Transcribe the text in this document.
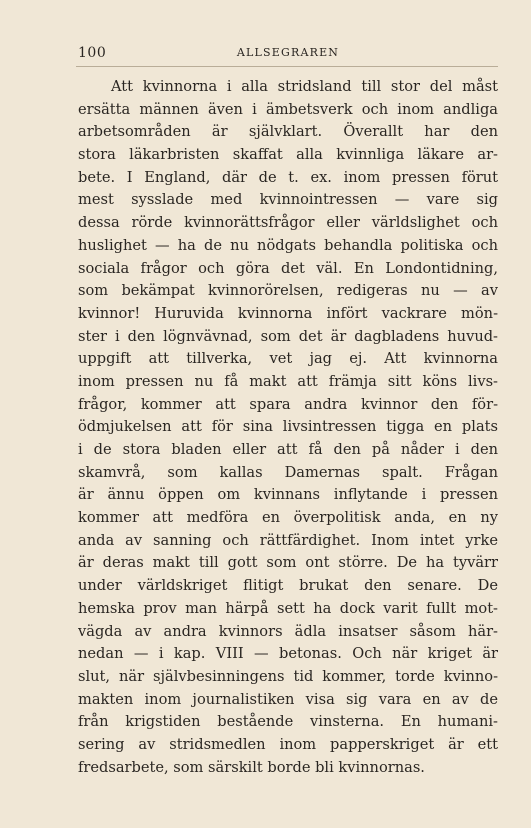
100	ALLSEGRAREN
Att kvinnorna i alla stridsland till stor del måst
ersätta männen även i ämbetsverk och inom andliga
arbetsområden är självklart. Överallt har den
stora läkarbristen skaffat alla kvinnliga läkare ar-
bete. I England, där de t. ex. inom pressen förut
mest sysslade med kvinnointressen — vare sig
dessa rörde kvinnorättsfrågor eller världslighet och
huslighet — ha de nu nödgats behandla politiska och
sociala frågor och göra det väl. En Londontidning,
som bekämpat kvinnorörelsen, redigeras nu — av
kvinnor! Huruvida kvinnorna infört vackrare mön-
ster i den lögnvävnad, som det är dagbladens huvud-
uppgift att tillverka, vet jag ej. Att kvinnorna
inom pressen nu få makt att främja sitt köns livs-
frågor, kommer att spara andra kvinnor den för-
ödmjukelsen att för sina livsintressen tigga en plats
i de stora bladen eller att få den på nåder i den
skamvrå, som kallas Damernas spalt. Frågan
är ännu öppen om kvinnans inflytande i pressen
kommer att medföra en överpolitisk anda, en ny
anda av sanning och rättfärdighet. Inom intet yrke
är deras makt till gott som ont större. De ha tyvärr
under världskriget flitigt brukat den senare. De
hemska prov man härpå sett ha dock varit fullt mot-
vägda av andra kvinnors ädla insatser såsom här-
nedan — i kap. VIII — betonas. Och när kriget är
slut, när självbesinningens tid kommer, torde kvinno-
makten inom journalistiken visa sig vara en av de
från krigstiden bestående vinsterna. En humani-
sering av stridsmedlen inom papperskriget är ett
fredsarbete, som särskilt borde bli kvinnornas.
